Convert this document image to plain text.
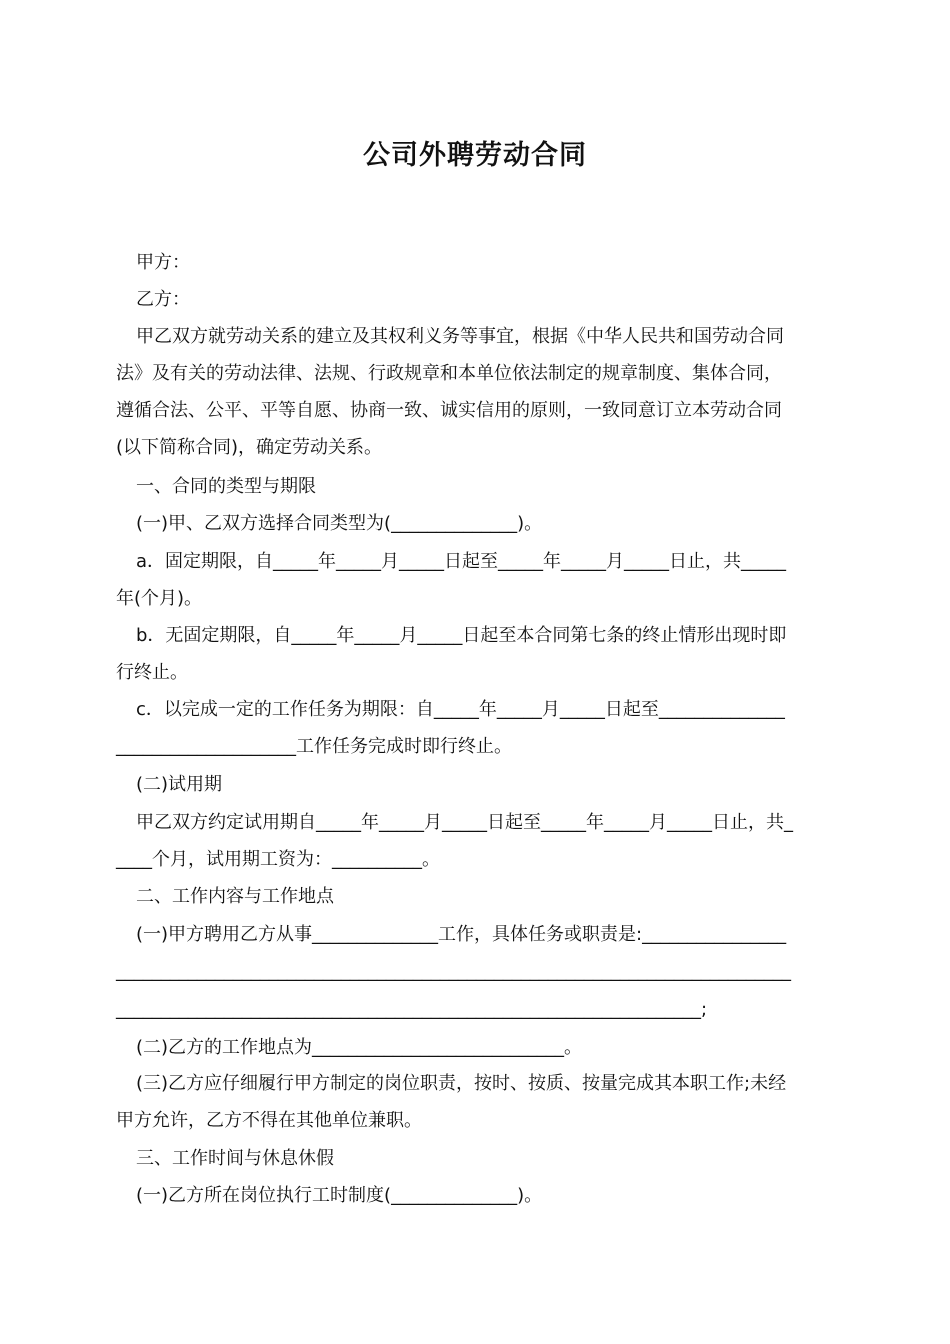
公司外聘劳动合同
甲方：
乙方：
甲乙双方就劳动关系的建立及其权利义务等事宜，根据《中华人民共和国劳动合同
法》及有关的劳动法律、法规、行政规章和本单位依法制定的规章制度、集体合同，
遵循合法、公平、平等自愿、协商一致、诚实信用的原则，一致同意订立本劳动合同
(以下简称合同)，确定劳动关系。
一、合同的类型与期限
(一)甲、乙双方选择合同类型为(______________)。
a．固定期限，自_____年_____月_____日起至_____年_____月_____日止，共_____
年(个月)。
b．无固定期限，自_____年_____月_____日起至本合同第七条的终止情形出现时即
行终止。
c．以完成一定的工作任务为期限：自_____年_____月_____日起至______________
____________________工作任务完成时即行终止。
(二)试用期
甲乙双方约定试用期自_____年_____月_____日起至_____年_____月_____日止，共_
____个月，试用期工资为：__________。
二、工作内容与工作地点
(一)甲方聘用乙方从事______________工作，具体任务或职责是:________________
___________________________________________________________________________
_________________________________________________________________;
(二)乙方的工作地点为____________________________。
(三)乙方应仔细履行甲方制定的岗位职责，按时、按质、按量完成其本职工作;未经
甲方允许，乙方不得在其他单位兼职。
三、工作时间与休息休假
(一)乙方所在岗位执行工时制度(______________)。
